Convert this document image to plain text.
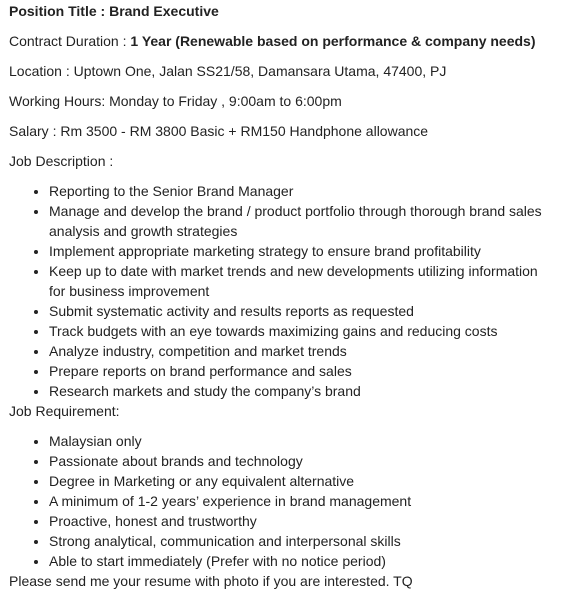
Position Title : Brand Executive

Contract Duration : 1 Year (Renewable based on performance & company needs)

Location : Uptown One, Jalan SS21/58, Damansara Utama, 47400, PJ

Working Hours: Monday to Friday , 9:00am to 6:00pm

Salary : Rm 3500 - RM 3800 Basic + RM150 Handphone allowance

Job Description :

• Reporting to the Senior Brand Manager
• Manage and develop the brand / product portfolio through thorough brand sales analysis and growth strategies
• Implement appropriate marketing strategy to ensure brand profitability
• Keep up to date with market trends and new developments utilizing information for business improvement
• Submit systematic activity and results reports as requested
• Track budgets with an eye towards maximizing gains and reducing costs
• Analyze industry, competition and market trends
• Prepare reports on brand performance and sales
• Research markets and study the company’s brand

Job Requirement:

• Malaysian only
• Passionate about brands and technology
• Degree in Marketing or any equivalent alternative
• A minimum of 1-2 years’ experience in brand management
• Proactive, honest and trustworthy
• Strong analytical, communication and interpersonal skills
• Able to start immediately (Prefer with no notice period)

Please send me your resume with photo if you are interested. TQ
